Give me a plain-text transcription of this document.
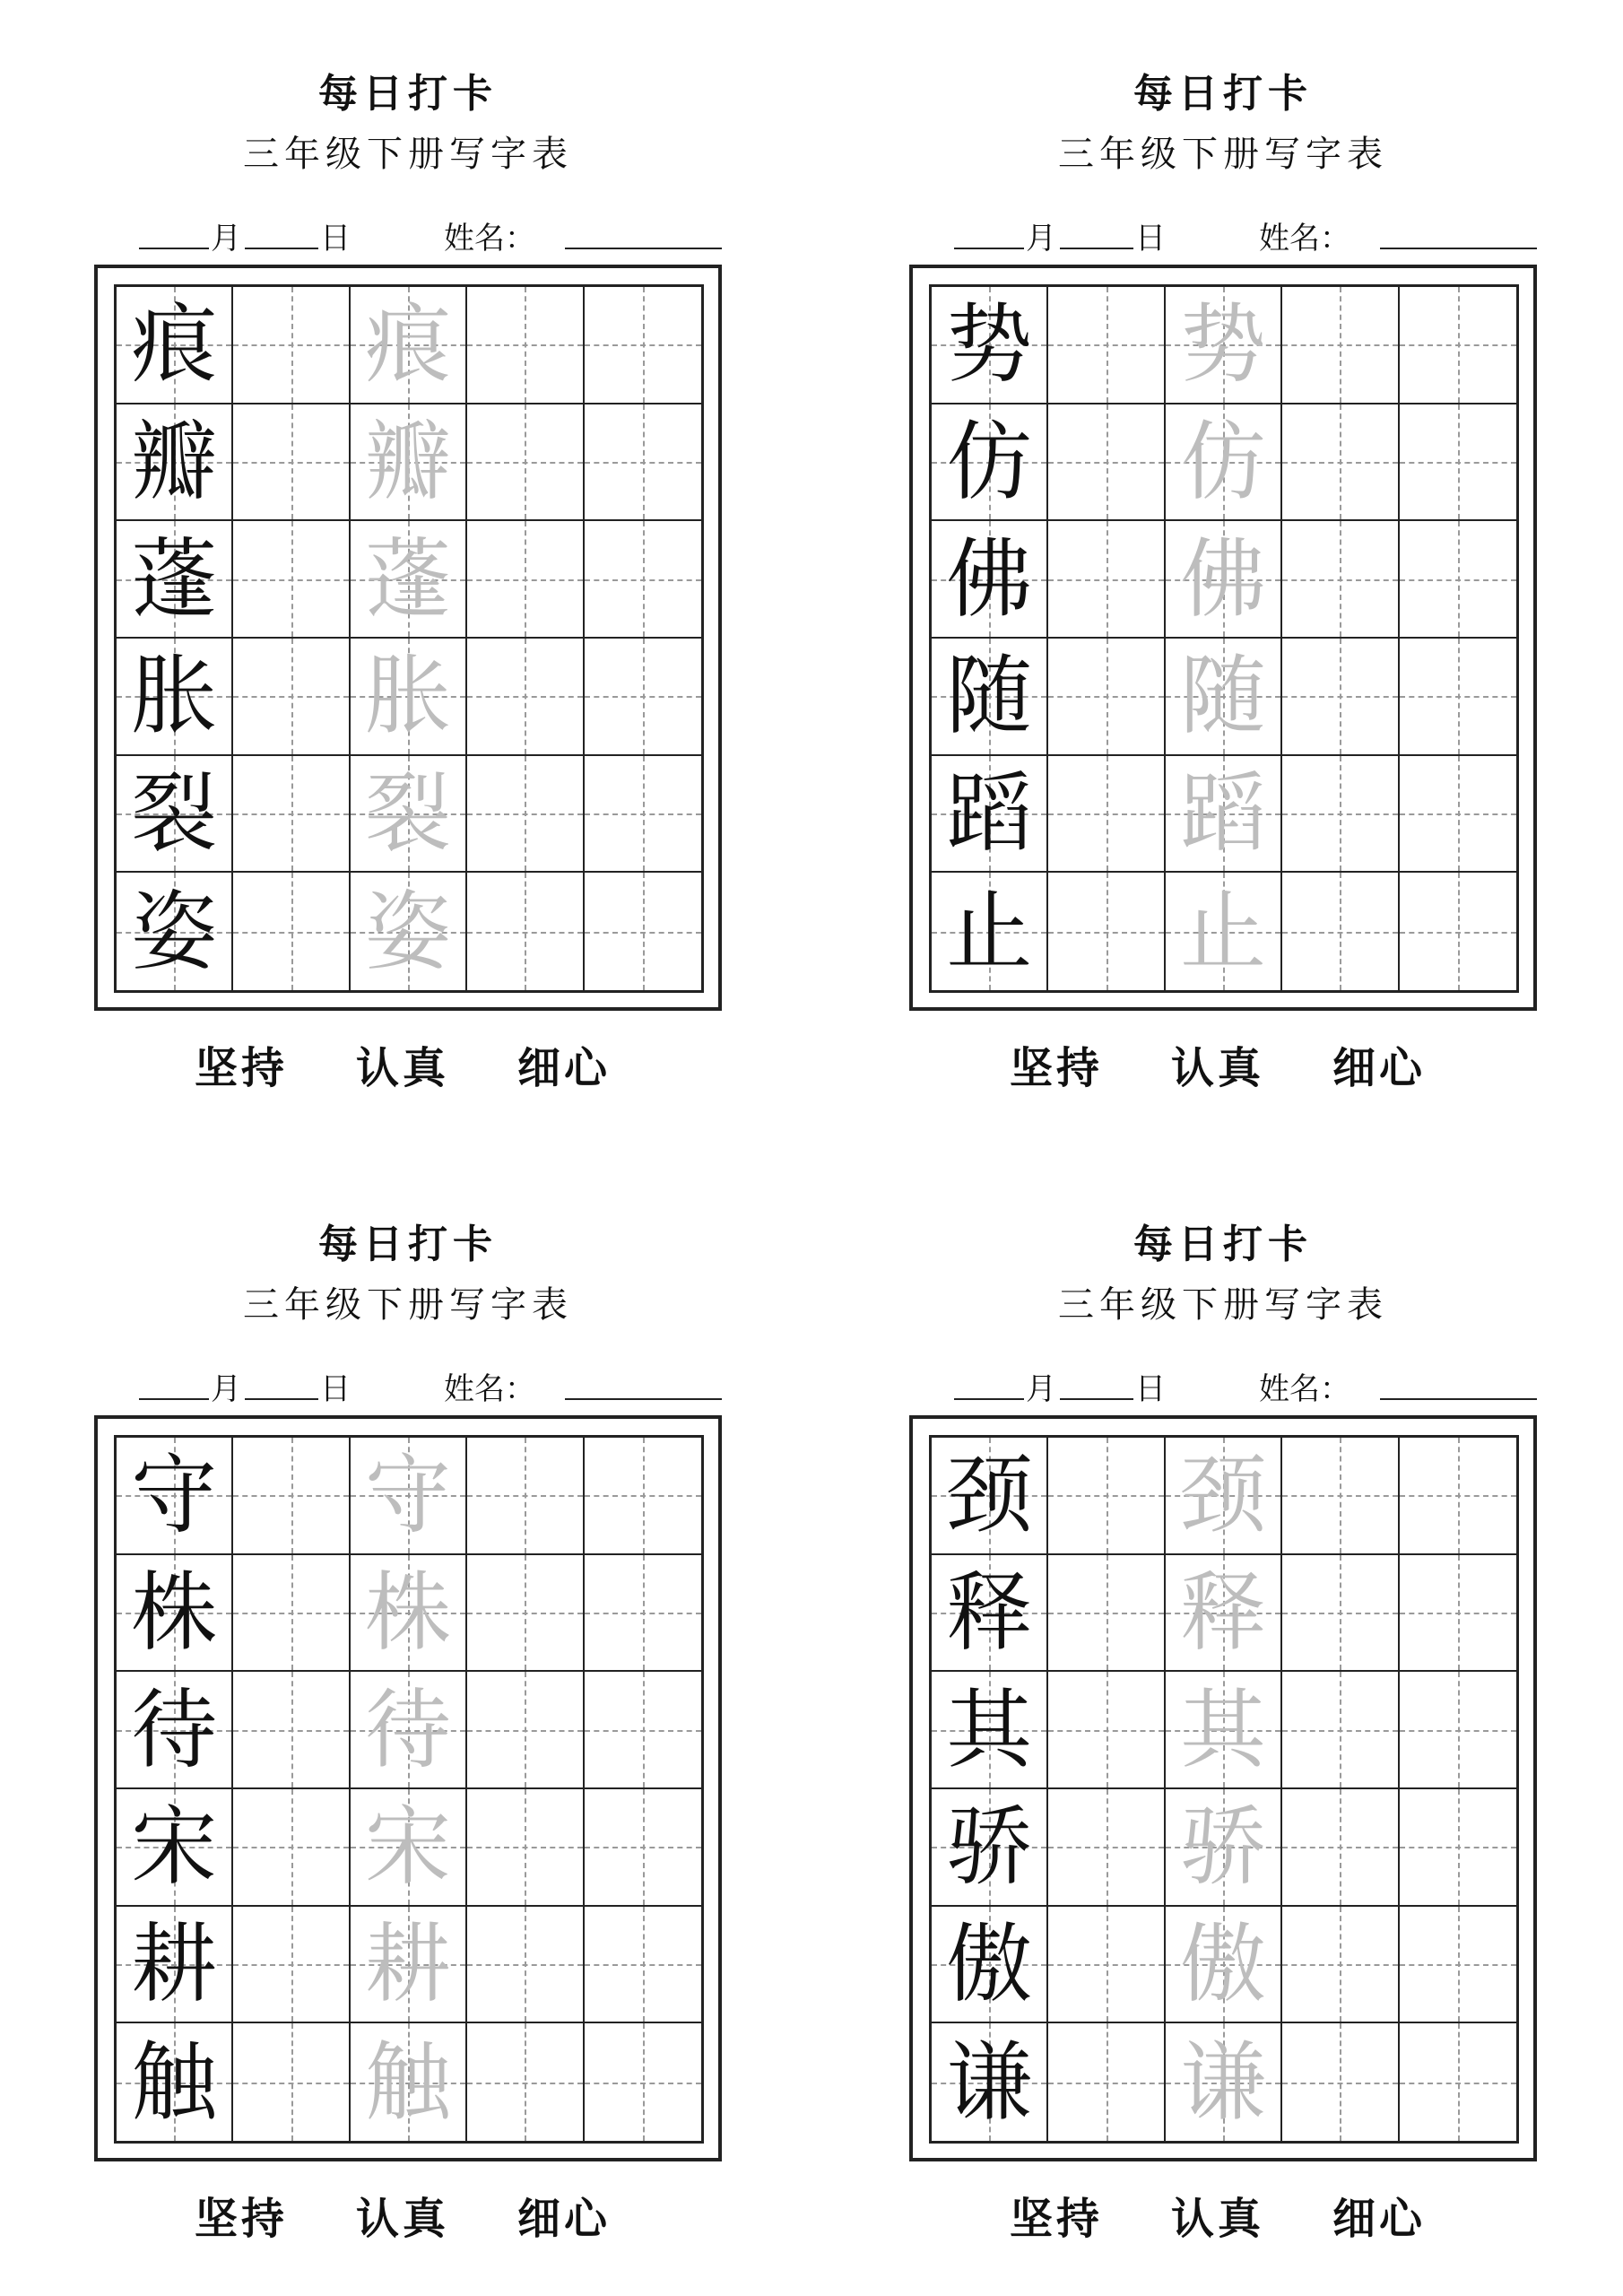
每日打卡
三年级下册写字表
月	日	姓名：
痕 痕
瓣 瓣
蓬 蓬
胀 胀
裂 裂
姿 姿
坚持 认真 细心
每日打卡
三年级下册写字表
月	日	姓名：
势 势
仿 仿
佛 佛
随 随
蹈 蹈
止 止
坚持 认真 细心
每日打卡
三年级下册写字表
月	日	姓名：
守 守
株 株
待 待
宋 宋
耕 耕
触 触
坚持 认真 细心
每日打卡
三年级下册写字表
月	日	姓名：
颈 颈
释 释
其 其
骄 骄
傲 傲
谦 谦
坚持 认真 细心
